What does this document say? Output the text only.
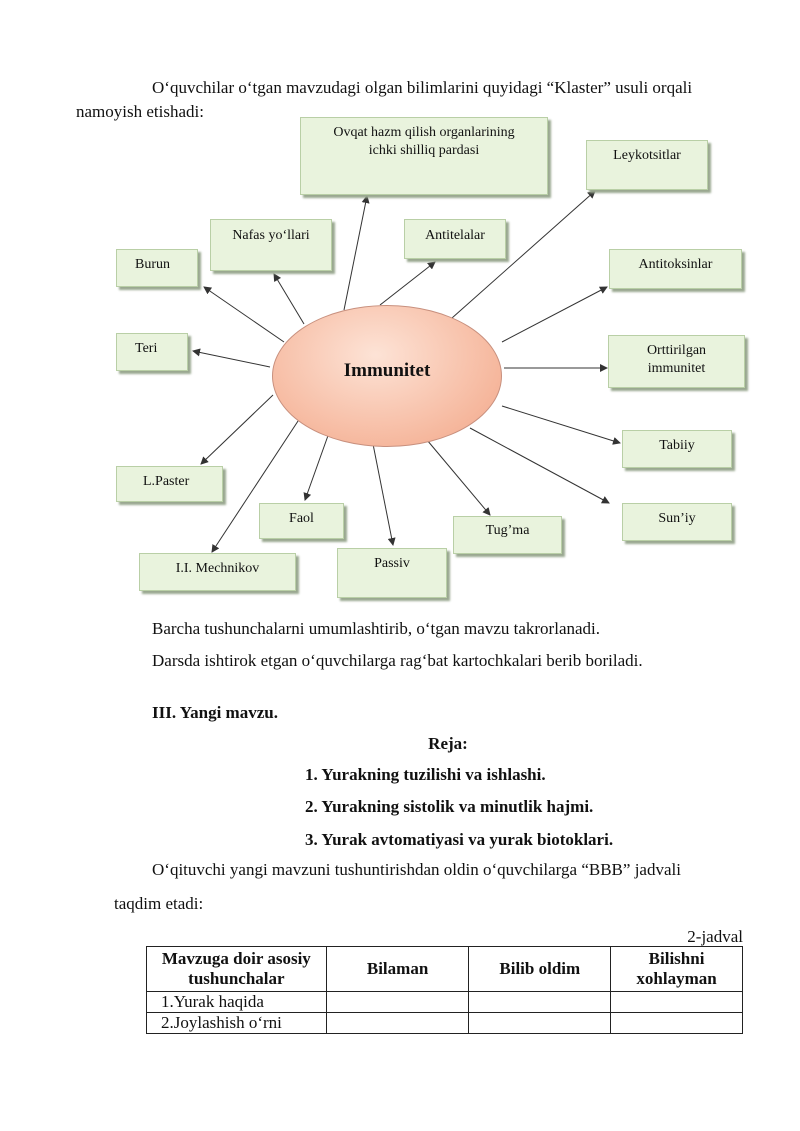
O‘quvchilar o‘tgan mavzudagi olgan bilimlarini quyidagi “Klaster” usuli orqali
namoyish etishadi:
Ovqat hazm qilish organlarining
ichki shilliq pardasi	Leykotsitlar
Nafas yo‘llari	Antitelalar
Burun	Antitoksinlar
Teri	Orttirilgan
immunitet
Tabiiy
L.Paster
Faol
Tug’ma
Sun’iy
I.I. Mechnikov	Passiv
Immunitet
Barcha tushunchalarni umumlashtirib, o‘tgan mavzu takrorlanadi.
Darsda ishtirok etgan o‘quvchilarga rag‘bat kartochkalari berib boriladi.
III. Yangi mavzu.
Reja:
1. Yurakning tuzilishi va ishlashi.
2. Yurakning sistolik va minutlik hajmi.
3. Yurak avtomatiyasi va yurak biotoklari.
O‘qituvchi yangi mavzuni tushuntirishdan oldin o‘quvchilarga “BBB” jadvali
taqdim etadi:
2-jadval
Mavzuga doir asosiy
tushunchalar	Bilaman	Bilib oldim	Bilishni
xohlayman
1.Yurak haqida			
2.Joylashish o‘rni			
